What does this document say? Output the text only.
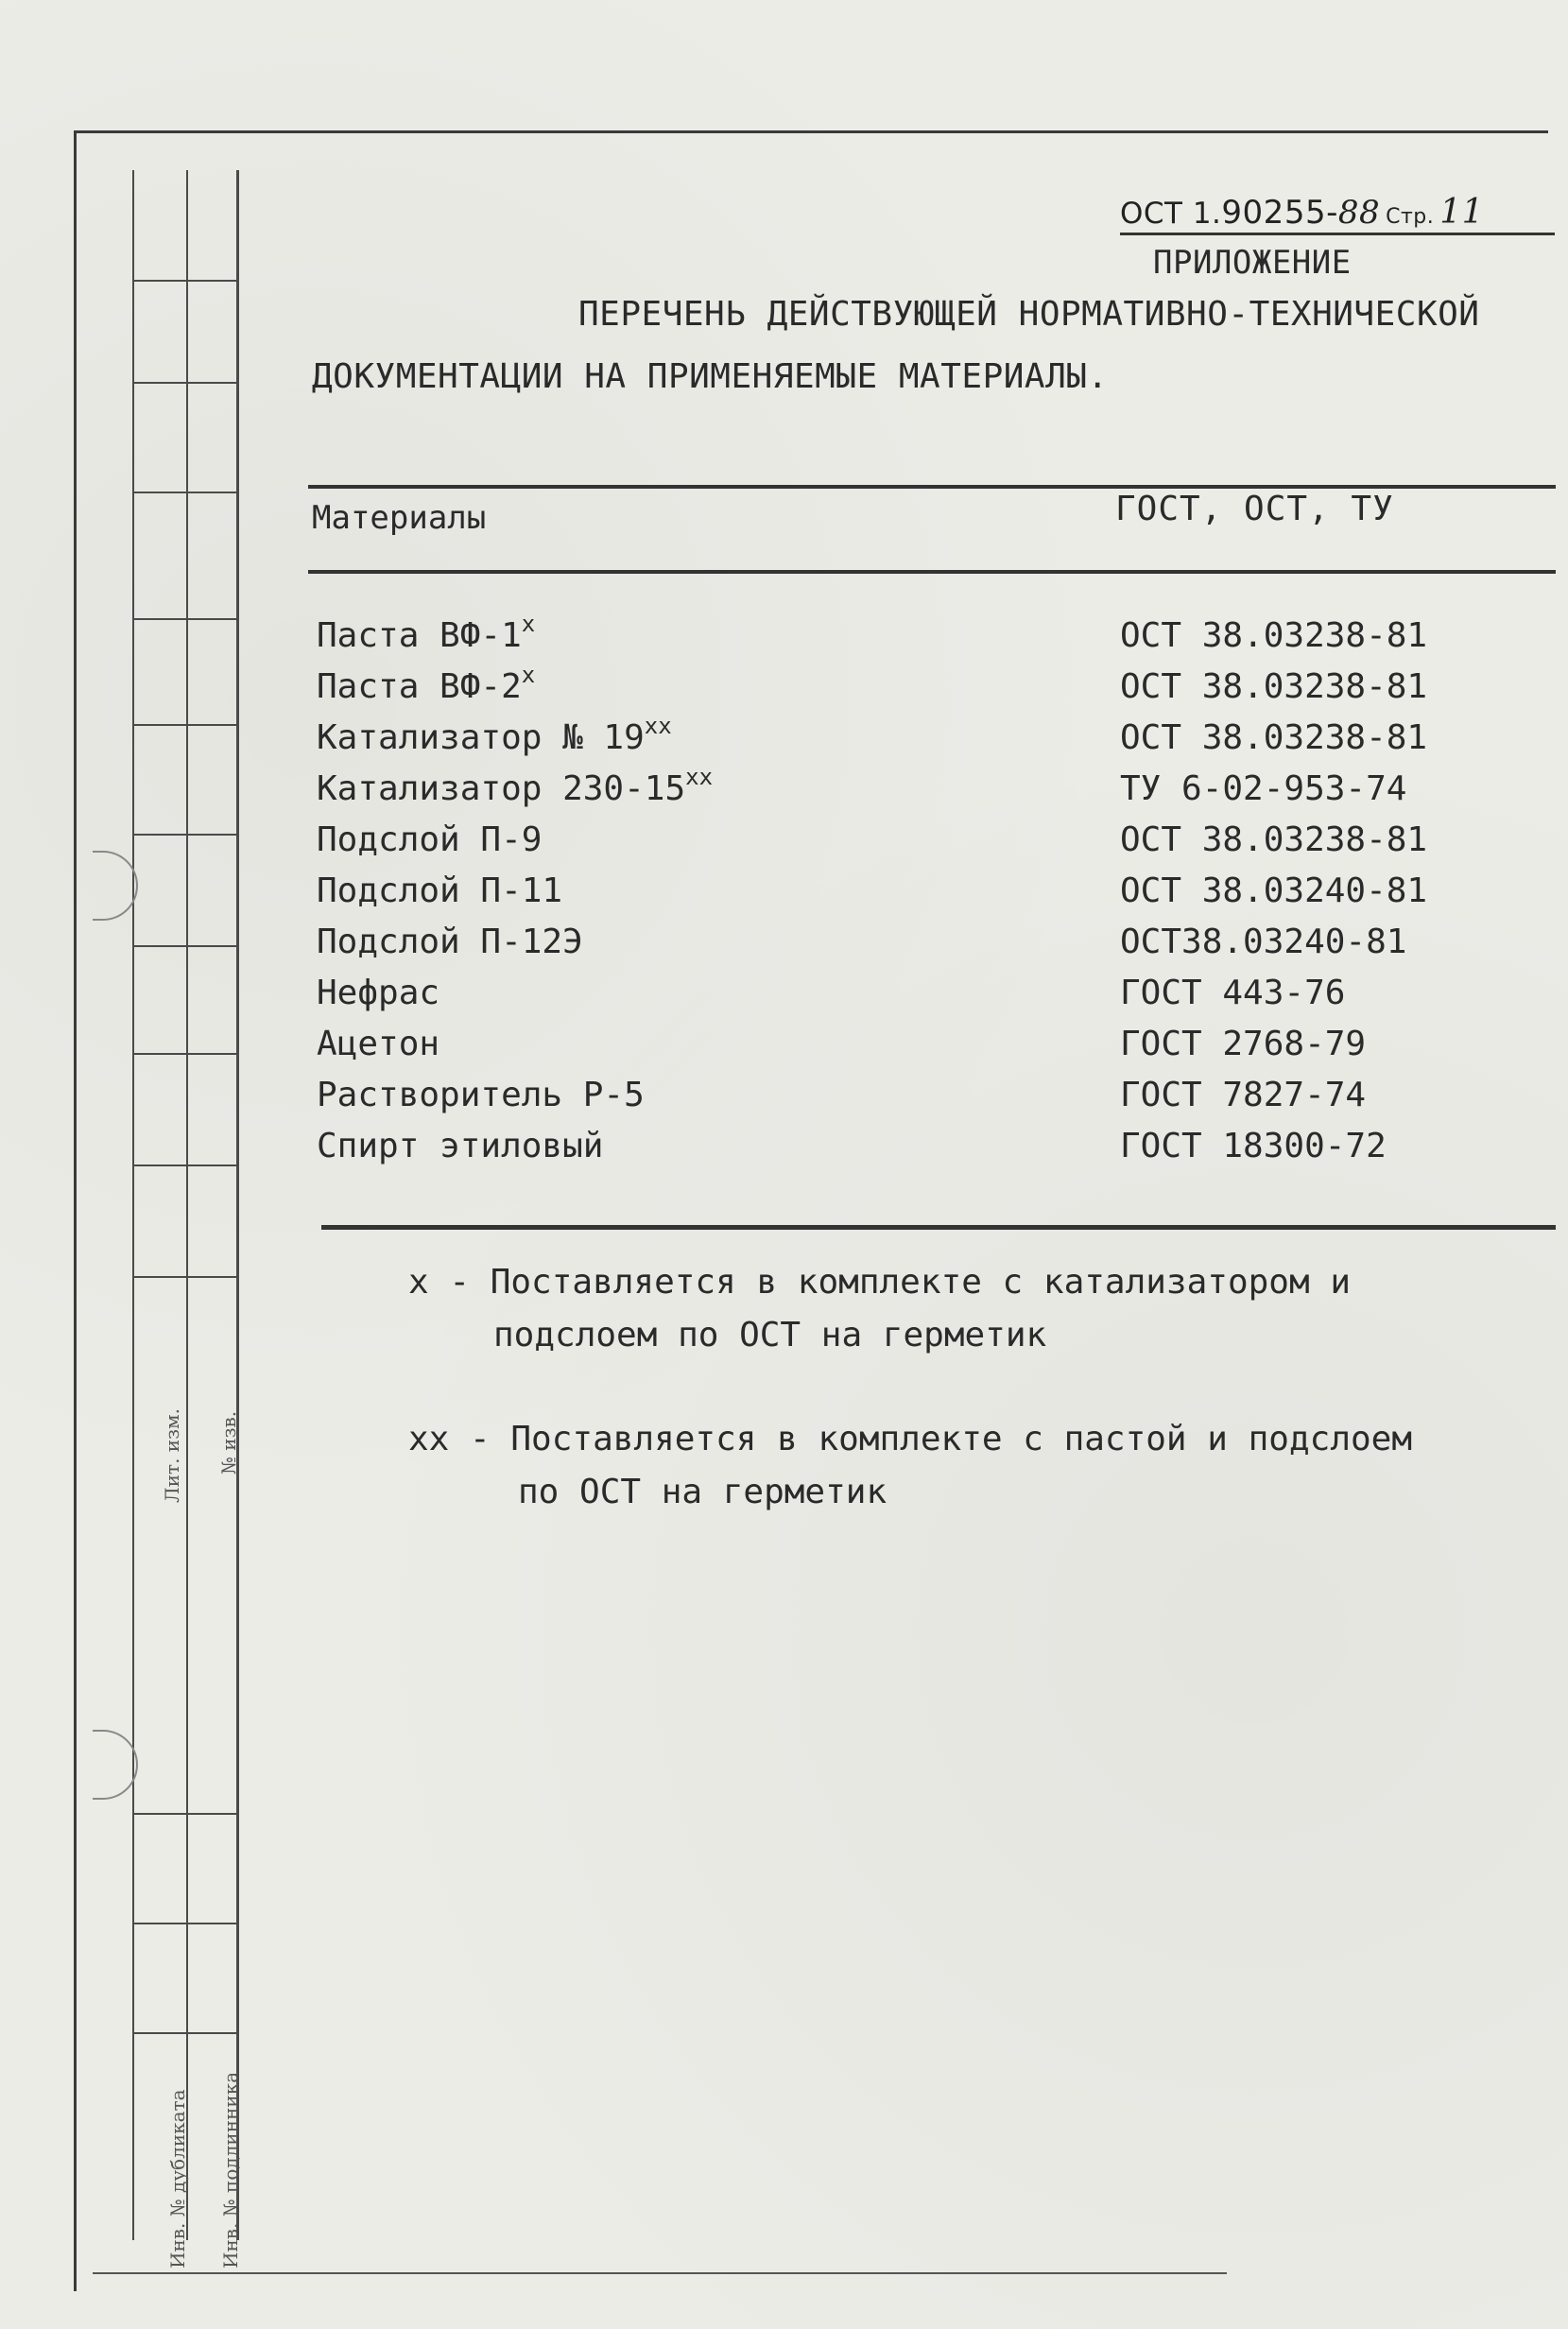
Лит. изм. № изв.
Инв. № дубликата Инв. № подлинника
ОСТ 1.90255-88 Стр. 11
ПРИЛОЖЕНИЕ
ПЕРЕЧЕНЬ ДЕЙСТВУЮЩЕЙ НОРМАТИВНО-ТЕХНИЧЕСКОЙ
ДОКУМЕНТАЦИИ НА ПРИМЕНЯЕМЫЕ МАТЕРИАЛЫ.
Материалы	ГОСТ, ОСТ, ТУ
Паста $ВФ-1^х$	ОСТ 38.03238-81
Паста $ВФ-2^х$	ОСТ 38.03238-81
Катализатор № $19^{хх}$	ОСТ 38.03238-81
Катализатор $230-15^{хх}$	ТУ 6-02-953-74
Подслой П-9	ОСТ 38.03238-81
Подслой П-11	ОСТ 38.03240-81
Подслой П-12Э	ОСТ38.03240-81
Нефрас	ГОСТ 443-76
Ацетон	ГОСТ 2768-79
Растворитель Р-5	ГОСТ 7827-74
Спирт этиловый	ГОСТ 18300-72
х - Поставляется в комплекте с катализатором и
подслоем по ОСТ на герметик
хх - Поставляется в комплекте с пастой и подслоем
по ОСТ на герметик
